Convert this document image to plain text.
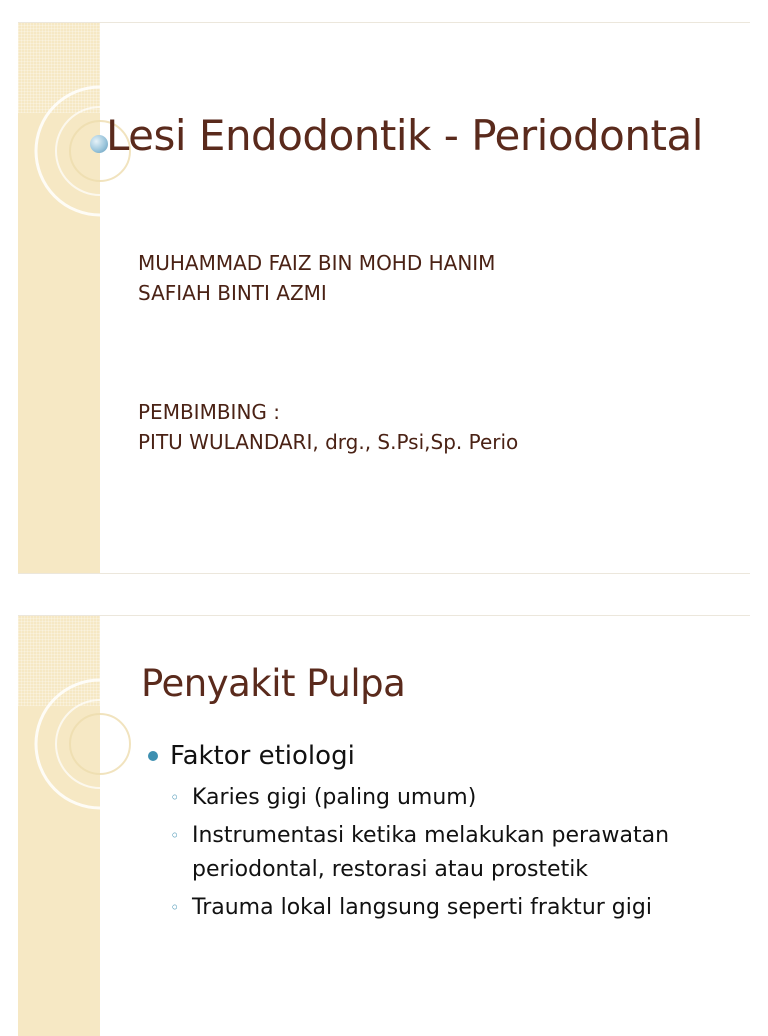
Lesi Endodontik - Periodontal
MUHAMMAD FAIZ BIN MOHD HANIM
SAFIAH BINTI AZMI
PEMBIMBING :
PITU WULANDARI, drg., S.Psi,Sp. Perio
Penyakit Pulpa
Faktor etiologi
◦ Karies gigi (paling umum)
◦ Instrumentasi ketika melakukan perawatan
periodontal, restorasi atau prostetik
◦ Trauma lokal langsung seperti fraktur gigi
